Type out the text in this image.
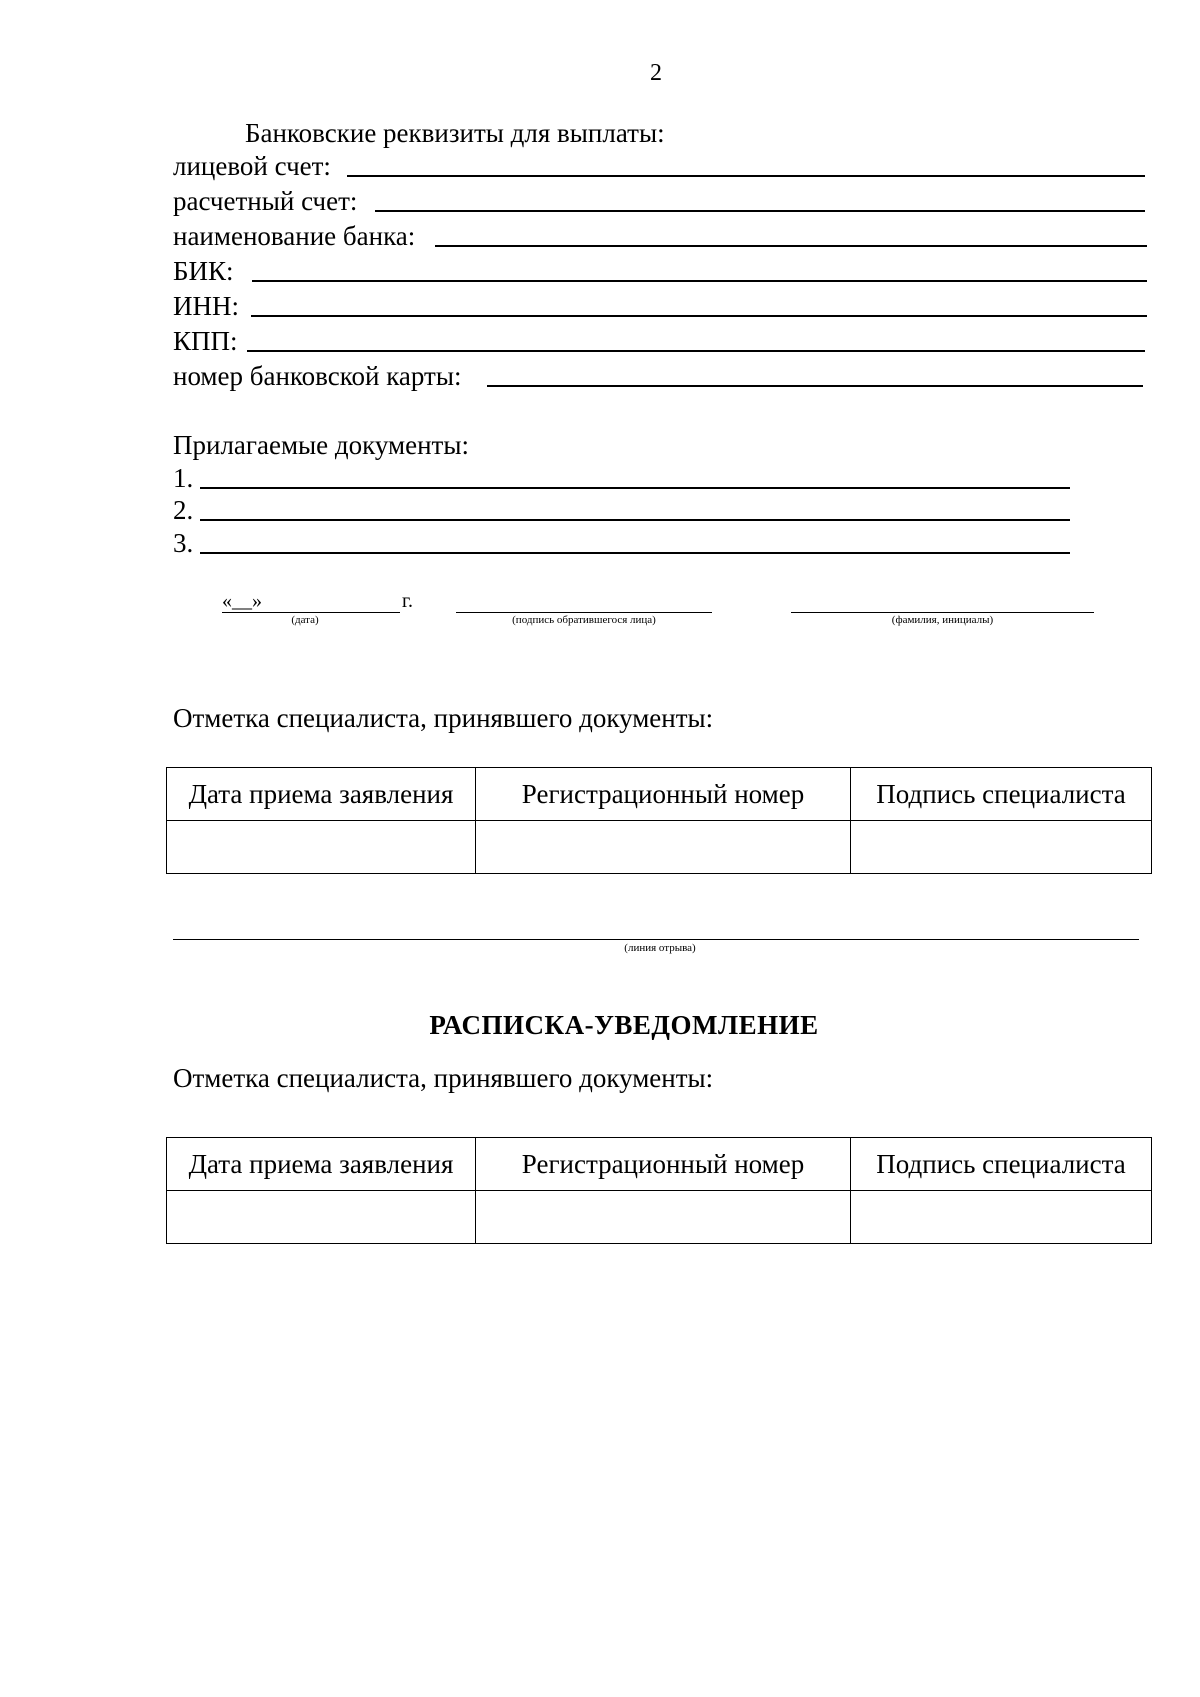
2
Банковские реквизиты для выплаты:
лицевой счет:
расчетный счет:
наименование банка:
БИК:
ИНН:
КПП:
номер банковской карты:
Прилагаемые документы:
1.
2.
3.
«__»	г.
(дата)	(подпись обратившегося лица)	(фамилия, инициалы)
Отметка специалиста, принявшего документы:
Дата приема заявления	Регистрационный номер	Подпись специалиста

(линия отрыва)
РАСПИСКА-УВЕДОМЛЕНИЕ
Отметка специалиста, принявшего документы:
Дата приема заявления	Регистрационный номер	Подпись специалиста
